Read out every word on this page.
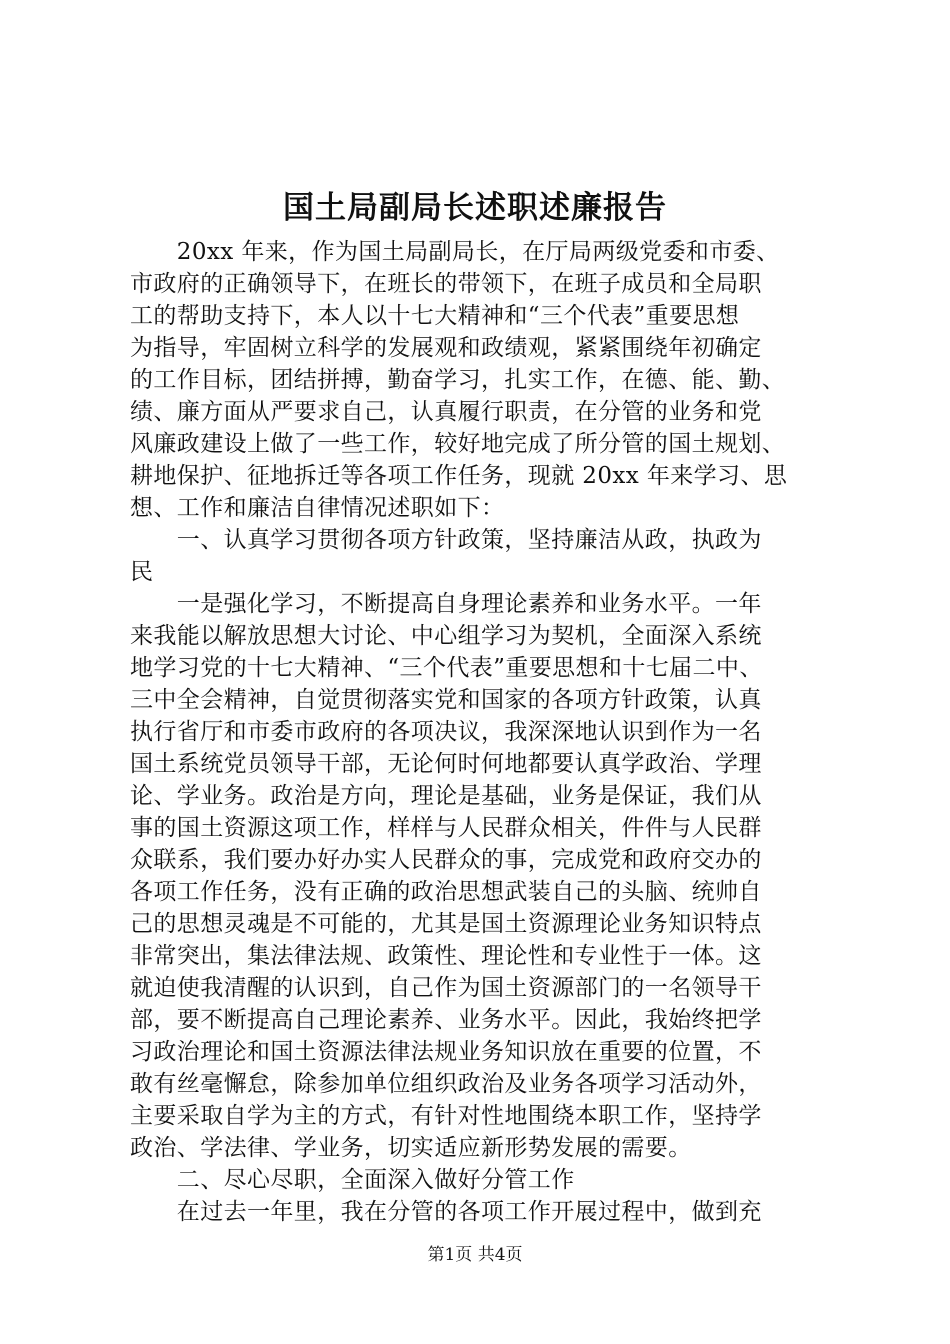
国土局副局长述职述廉报告
　　20xx 年来，作为国土局副局长，在厅局两级党委和市委、
市政府的正确领导下，在班长的带领下，在班子成员和全局职
工的帮助支持下，本人以十七大精神和“三个代表”重要思想
为指导，牢固树立科学的发展观和政绩观，紧紧围绕年初确定
的工作目标，团结拼搏，勤奋学习，扎实工作，在德、能、勤、
绩、廉方面从严要求自己，认真履行职责，在分管的业务和党
风廉政建设上做了一些工作，较好地完成了所分管的国土规划、
耕地保护、征地拆迁等各项工作任务，现就 20xx 年来学习、思
想、工作和廉洁自律情况述职如下：
　　一、认真学习贯彻各项方针政策，坚持廉洁从政，执政为
民
　　一是强化学习，不断提高自身理论素养和业务水平。一年
来我能以解放思想大讨论、中心组学习为契机，全面深入系统
地学习党的十七大精神、“三个代表”重要思想和十七届二中、
三中全会精神，自觉贯彻落实党和国家的各项方针政策，认真
执行省厅和市委市政府的各项决议，我深深地认识到作为一名
国土系统党员领导干部，无论何时何地都要认真学政治、学理
论、学业务。政治是方向，理论是基础，业务是保证，我们从
事的国土资源这项工作，样样与人民群众相关，件件与人民群
众联系，我们要办好办实人民群众的事，完成党和政府交办的
各项工作任务，没有正确的政治思想武装自己的头脑、统帅自
己的思想灵魂是不可能的，尤其是国土资源理论业务知识特点
非常突出，集法律法规、政策性、理论性和专业性于一体。这
就迫使我清醒的认识到，自己作为国土资源部门的一名领导干
部，要不断提高自己理论素养、业务水平。因此，我始终把学
习政治理论和国土资源法律法规业务知识放在重要的位置，不
敢有丝毫懈怠，除参加单位组织政治及业务各项学习活动外，
主要采取自学为主的方式，有针对性地围绕本职工作，坚持学
政治、学法律、学业务，切实适应新形势发展的需要。
　　二、尽心尽职，全面深入做好分管工作
　　在过去一年里，我在分管的各项工作开展过程中，做到充
第1页 共4页
